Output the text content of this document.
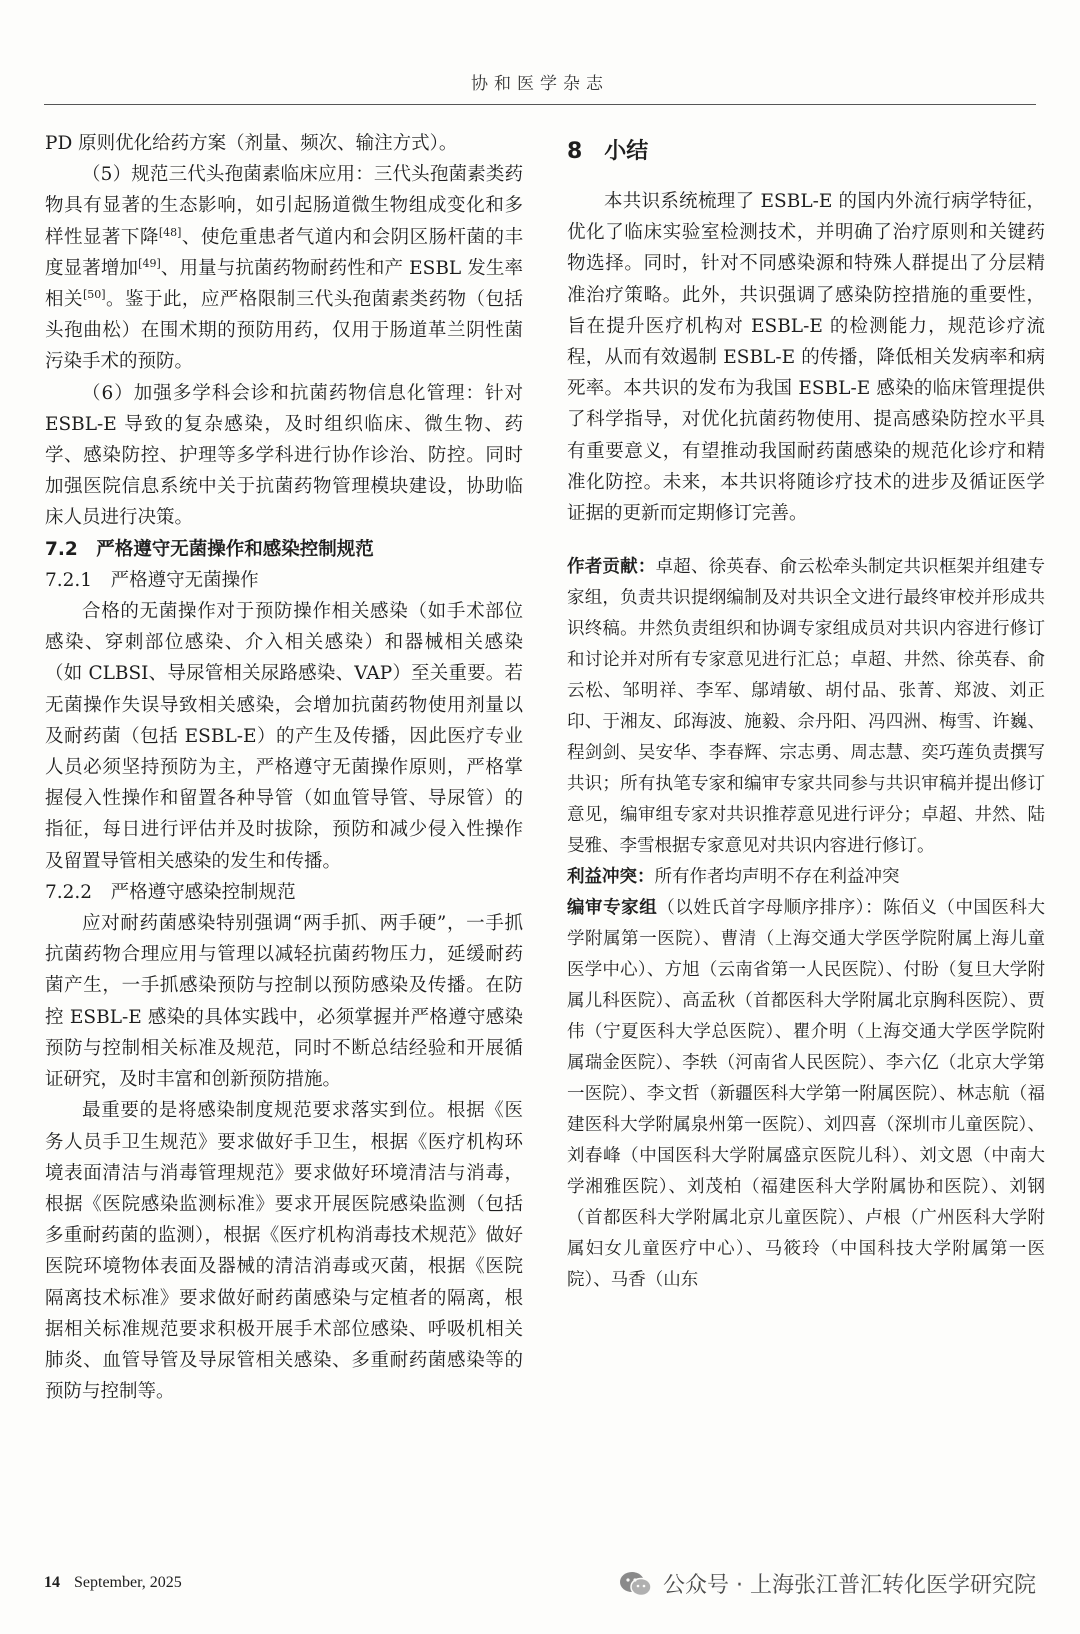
协和医学杂志

PD 原则优化给药方案（剂量、频次、输注方式）。

（5）规范三代头孢菌素临床应用：三代头孢菌素类药物具有显著的生态影响，如引起肠道微生物组成变化和多样性显著下降[48]、使危重患者气道内和会阴区肠杆菌的丰度显著增加[49]、用量与抗菌药物耐药性和产 ESBL 发生率相关[50]。鉴于此，应严格限制三代头孢菌素类药物（包括头孢曲松）在围术期的预防用药，仅用于肠道革兰阴性菌污染手术的预防。

（6）加强多学科会诊和抗菌药物信息化管理：针对 ESBL-E 导致的复杂感染，及时组织临床、微生物、药学、感染防控、护理等多学科进行协作诊治、防控。同时加强医院信息系统中关于抗菌药物管理模块建设，协助临床人员进行决策。

7.2　严格遵守无菌操作和感染控制规范

7.2.1　严格遵守无菌操作

合格的无菌操作对于预防操作相关感染（如手术部位感染、穿刺部位感染、介入相关感染）和器械相关感染（如 CLBSI、导尿管相关尿路感染、VAP）至关重要。若无菌操作失误导致相关感染，会增加抗菌药物使用剂量以及耐药菌（包括 ESBL-E）的产生及传播，因此医疗专业人员必须坚持预防为主，严格遵守无菌操作原则，严格掌握侵入性操作和留置各种导管（如血管导管、导尿管）的指征，每日进行评估并及时拔除，预防和减少侵入性操作及留置导管相关感染的发生和传播。

7.2.2　严格遵守感染控制规范

应对耐药菌感染特别强调“两手抓、两手硬”，一手抓抗菌药物合理应用与管理以减轻抗菌药物压力，延缓耐药菌产生，一手抓感染预防与控制以预防感染及传播。在防控 ESBL-E 感染的具体实践中，必须掌握并严格遵守感染预防与控制相关标准及规范，同时不断总结经验和开展循证研究，及时丰富和创新预防措施。

最重要的是将感染制度规范要求落实到位。根据《医务人员手卫生规范》要求做好手卫生，根据《医疗机构环境表面清洁与消毒管理规范》要求做好环境清洁与消毒，根据《医院感染监测标准》要求开展医院感染监测（包括多重耐药菌的监测），根据《医疗机构消毒技术规范》做好医院环境物体表面及器械的清洁消毒或灭菌，根据《医院隔离技术标准》要求做好耐药菌感染与定植者的隔离，根据相关标准规范要求积极开展手术部位感染、呼吸机相关肺炎、血管导管及导尿管相关感染、多重耐药菌感染等的预防与控制等。

8　小结

本共识系统梳理了 ESBL-E 的国内外流行病学特征，优化了临床实验室检测技术，并明确了治疗原则和关键药物选择。同时，针对不同感染源和特殊人群提出了分层精准治疗策略。此外，共识强调了感染防控措施的重要性，旨在提升医疗机构对 ESBL-E 的检测能力，规范诊疗流程，从而有效遏制 ESBL-E 的传播，降低相关发病率和病死率。本共识的发布为我国 ESBL-E 感染的临床管理提供了科学指导，对优化抗菌药物使用、提高感染防控水平具有重要意义，有望推动我国耐药菌感染的规范化诊疗和精准化防控。未来，本共识将随诊疗技术的进步及循证医学证据的更新而定期修订完善。

作者贡献：卓超、徐英春、俞云松牵头制定共识框架并组建专家组，负责共识提纲编制及对共识全文进行最终审校并形成共识终稿。井然负责组织和协调专家组成员对共识内容进行修订和讨论并对所有专家意见进行汇总；卓超、井然、徐英春、俞云松、邹明祥、李军、鄔靖敏、胡付品、张菁、郑波、刘正印、于湘友、邱海波、施毅、佘丹阳、冯四洲、梅雪、许巍、程剑剑、吴安华、李春辉、宗志勇、周志慧、奕巧莲负责撰写共识；所有执笔专家和编审专家共同参与共识审稿并提出修订意见，编审组专家对共识推荐意见进行评分；卓超、井然、陆旻雅、李雪根据专家意见对共识内容进行修订。

利益冲突：所有作者均声明不存在利益冲突

编审专家组（以姓氏首字母顺序排序）：陈佰义（中国医科大学附属第一医院）、曹清（上海交通大学医学院附属上海儿童医学中心）、方旭（云南省第一人民医院）、付盼（复旦大学附属儿科医院）、高孟秋（首都医科大学附属北京胸科医院）、贾伟（宁夏医科大学总医院）、瞿介明（上海交通大学医学院附属瑞金医院）、李轶（河南省人民医院）、李六亿（北京大学第一医院）、李文哲（新疆医科大学第一附属医院）、林志航（福建医科大学附属泉州第一医院）、刘四喜（深圳市儿童医院）、刘春峰（中国医科大学附属盛京医院儿科）、刘文恩（中南大学湘雅医院）、刘茂柏（福建医科大学附属协和医院）、刘钢（首都医科大学附属北京儿童医院）、卢根（广州医科大学附属妇女儿童医疗中心）、马筱玲（中国科技大学附属第一医院）、马香（山东

14 September, 2025	公众号 · 上海张江普汇转化医学研究院
